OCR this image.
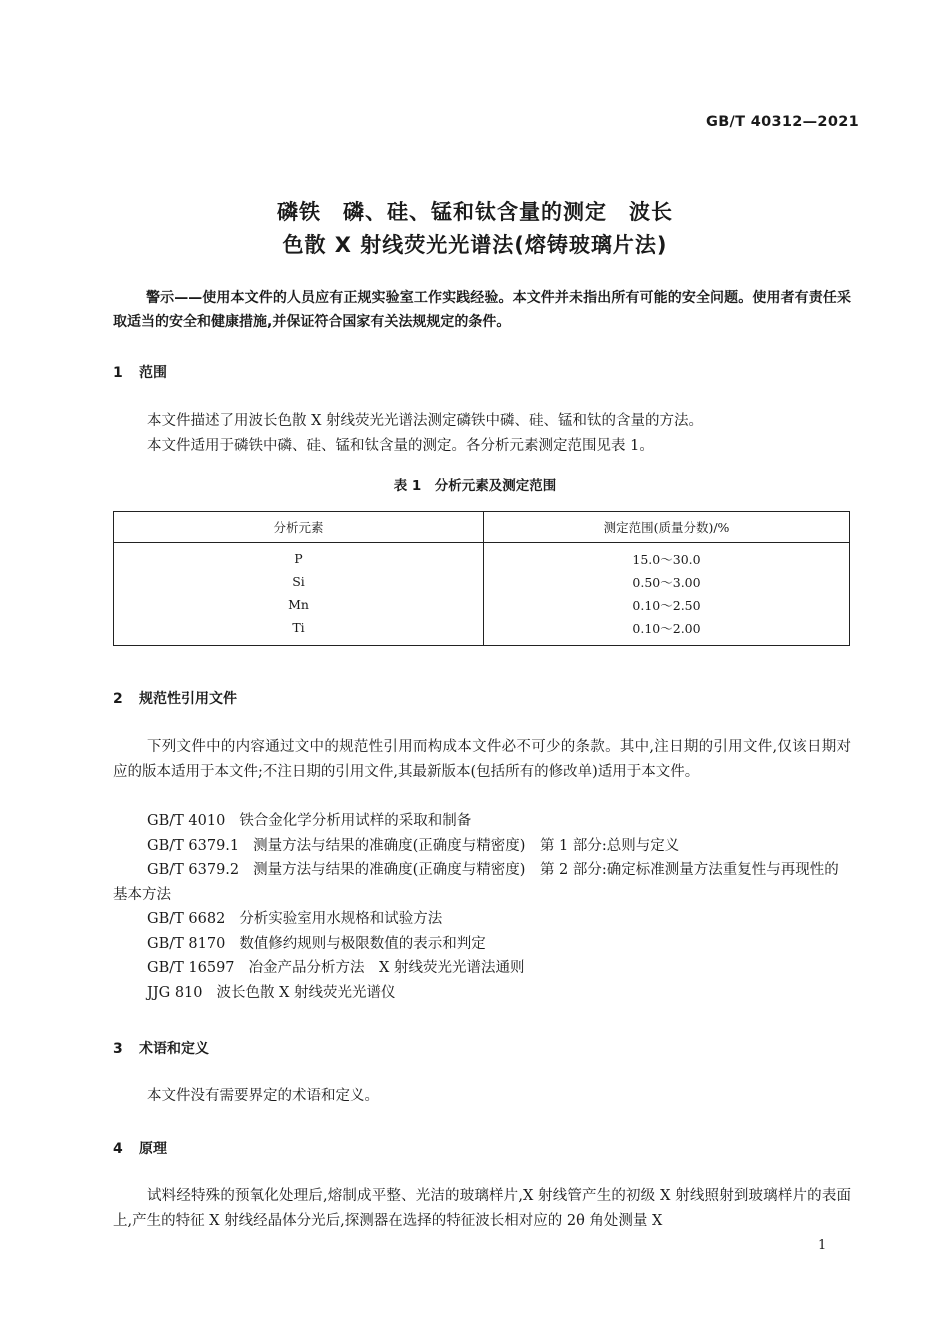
GB/T 40312—2021
磷铁　磷、硅、锰和钛含量的测定　波长
色散 X 射线荧光光谱法(熔铸玻璃片法)

警示——使用本文件的人员应有正规实验室工作实践经验。本文件并未指出所有可能的安全问题。使用者有责任采取适当的安全和健康措施,并保证符合国家有关法规规定的条件。

1 范围

本文件描述了用波长色散 X 射线荧光光谱法测定磷铁中磷、硅、锰和钛的含量的方法。

本文件适用于磷铁中磷、硅、锰和钛含量的测定。各分析元素测定范围见表 1。

表 1　分析元素及测定范围
分析元素	测定范围(质量分数)/%
P	15.0～30.0
Si	0.50～3.00
Mn	0.10～2.50
Ti	0.10～2.00
2 规范性引用文件

下列文件中的内容通过文中的规范性引用而构成本文件必不可少的条款。其中,注日期的引用文件,仅该日期对应的版本适用于本文件;不注日期的引用文件,其最新版本(包括所有的修改单)适用于本文件。

GB/T 4010 铁合金化学分析用试样的采取和制备
GB/T 6379.1 测量方法与结果的准确度(正确度与精密度)　第 1 部分:总则与定义
GB/T 6379.2 测量方法与结果的准确度(正确度与精密度)　第 2 部分:确定标准测量方法重复性与再现性的基本方法
GB/T 6682 分析实验室用水规格和试验方法
GB/T 8170 数值修约规则与极限数值的表示和判定
GB/T 16597 冶金产品分析方法　X 射线荧光光谱法通则
JJG 810 波长色散 X 射线荧光光谱仪
3 术语和定义

本文件没有需要界定的术语和定义。

4 原理

试料经特殊的预氧化处理后,熔制成平整、光洁的玻璃样片,X 射线管产生的初级 X 射线照射到玻璃样片的表面上,产生的特征 X 射线经晶体分光后,探测器在选择的特征波长相对应的 2θ 角处测量 X

1
